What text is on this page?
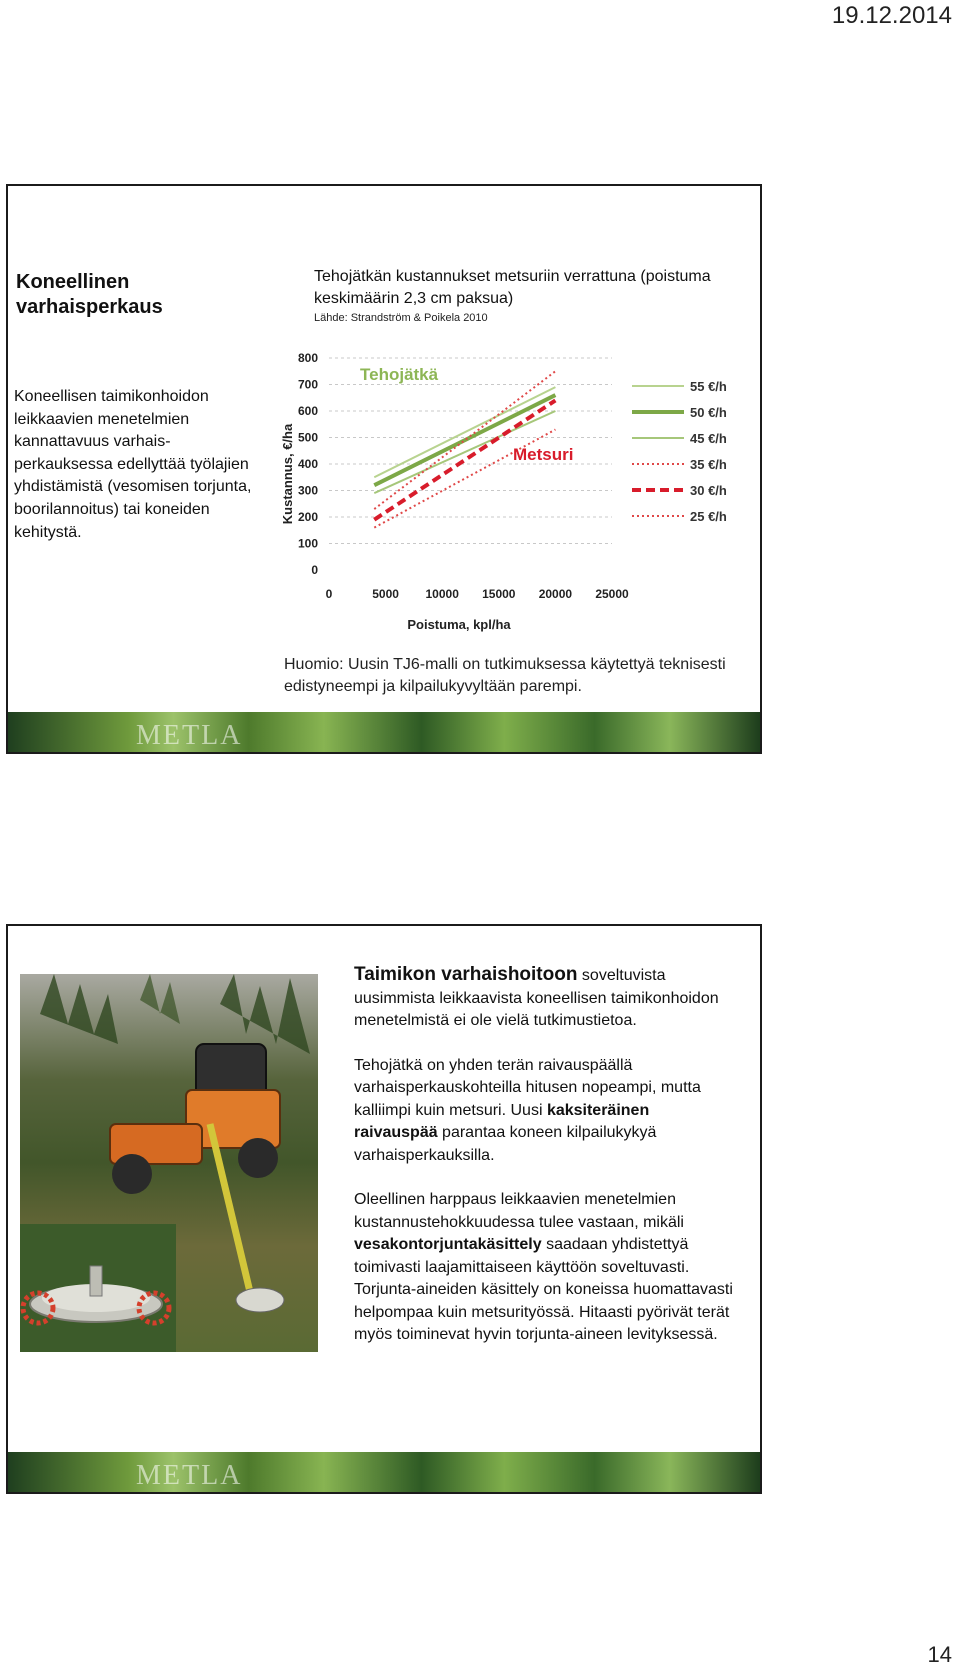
19.12.2014
Koneellinen varhaisperkaus
Koneellisen taimikonhoidon leikkaavien menetelmien kannattavuus varhais-perkauksessa edellyttää työlajien yhdistämistä (vesomisen torjunta, boorilannoitus) tai koneiden kehitystä.
Tehojätkän kustannukset metsuriin verrattuna (poistuma keskimäärin 2,3 cm paksua)
Lähde: Strandström & Poikela 2010
0
100
200
300
400
500
600
700
800
0	5000 10000 15000 20000 25000
55 €/h
50 €/h
45 €/h
35 €/h
30 €/h
25 €/h
Kustannus, €/ha
Poistuma, kpl/ha
Tehojätkä
Metsuri
Huomio: Uusin TJ6-malli on tutkimuksessa käytettyä teknisesti edistyneempi ja kilpailukyvyltään parempi.
METLA

Taimikon varhaishoitoon soveltuvista uusimmista leikkaavista koneellisen taimikonhoidon menetelmistä ei ole vielä tutkimustietoa.

Tehojätkä on yhden terän raivauspäällä varhaisperkauskohteilla hitusen nopeampi, mutta kalliimpi kuin metsuri. Uusi kaksiteräinen raivauspää parantaa koneen kilpailukykyä varhaisperkauksilla.

Oleellinen harppaus leikkaavien menetelmien kustannustehokkuudessa tulee vastaan, mikäli vesakontorjuntakäsittely saadaan yhdistettyä toimivasti laajamittaiseen käyttöön soveltuvasti. Torjunta-aineiden käsittely on koneissa huomattavasti helpompaa kuin metsurityössä. Hitaasti pyörivät terät myös toiminevat hyvin torjunta-aineen levityksessä.

METLA
14
